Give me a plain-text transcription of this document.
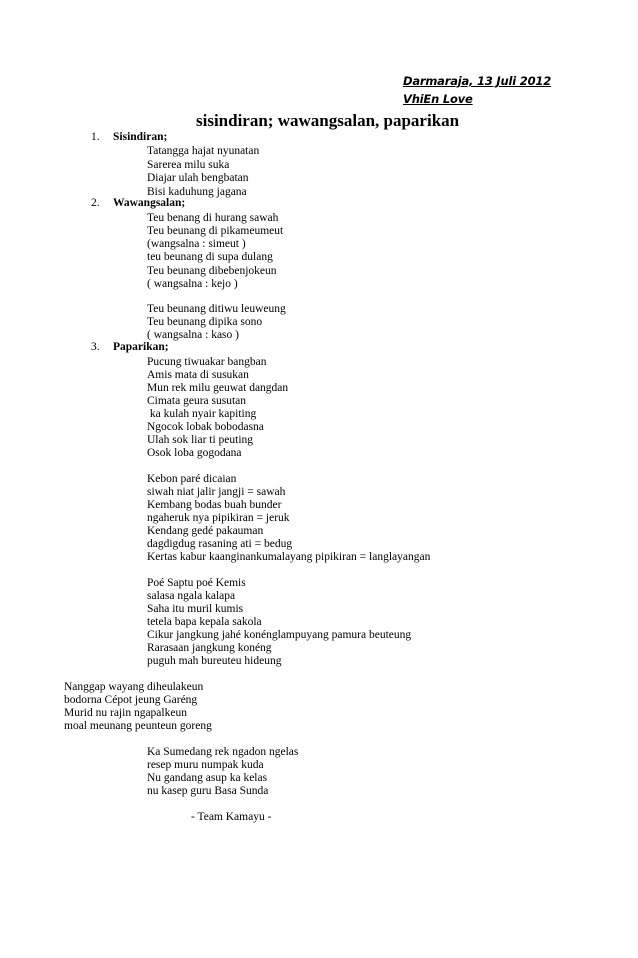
Darmaraja, 13 Juli 2012
VhiEn Love
sisindiran; wawangsalan, paparikan
1. Sisindiran;
Tatangga hajat nyunatan
Sarerea milu suka
Diajar ulah bengbatan
Bisi kaduhung jagana
2. Wawangsalan;
Teu benang di hurang sawah
Teu beunang di pikameumeut
(wangsalna : simeut )
teu beunang di supa dulang
Teu beunang dibebenjokeun
( wangsalna : kejo )
Teu beunang ditiwu leuweung
Teu beunang dipika sono
( wangsalna : kaso )
3. Paparikan;
Pucung tiwuakar bangban
Amis mata di susukan
Mun rek milu geuwat dangdan
Cimata geura susutan
ka kulah nyair kapiting
Ngocok lobak bobodasna
Ulah sok liar ti peuting
Osok loba gogodana
Kebon paré dicaian
siwah niat jalir jangji = sawah
Kembang bodas buah bunder
ngaheruk nya pipikiran = jeruk
Kendang gedé pakauman
dagdigdug rasaning ati = bedug
Kertas kabur kaanginankumalayang pipikiran = langlayangan
Poé Saptu poé Kemis
salasa ngala kalapa
Saha itu muril kumis
tetela bapa kepala sakola
Cikur jangkung jahé konénglampuyang pamura beuteung
Rarasaan jangkung konéng
puguh mah bureuteu hideung
Nanggap wayang diheulakeun
bodorna Cépot jeung Garéng
Murid nu rajin ngapalkeun
moal meunang peunteun goreng
Ka Sumedang rek ngadon ngelas
resep muru numpak kuda
Nu gandang asup ka kelas
nu kasep guru Basa Sunda
- Team Kamayu -
